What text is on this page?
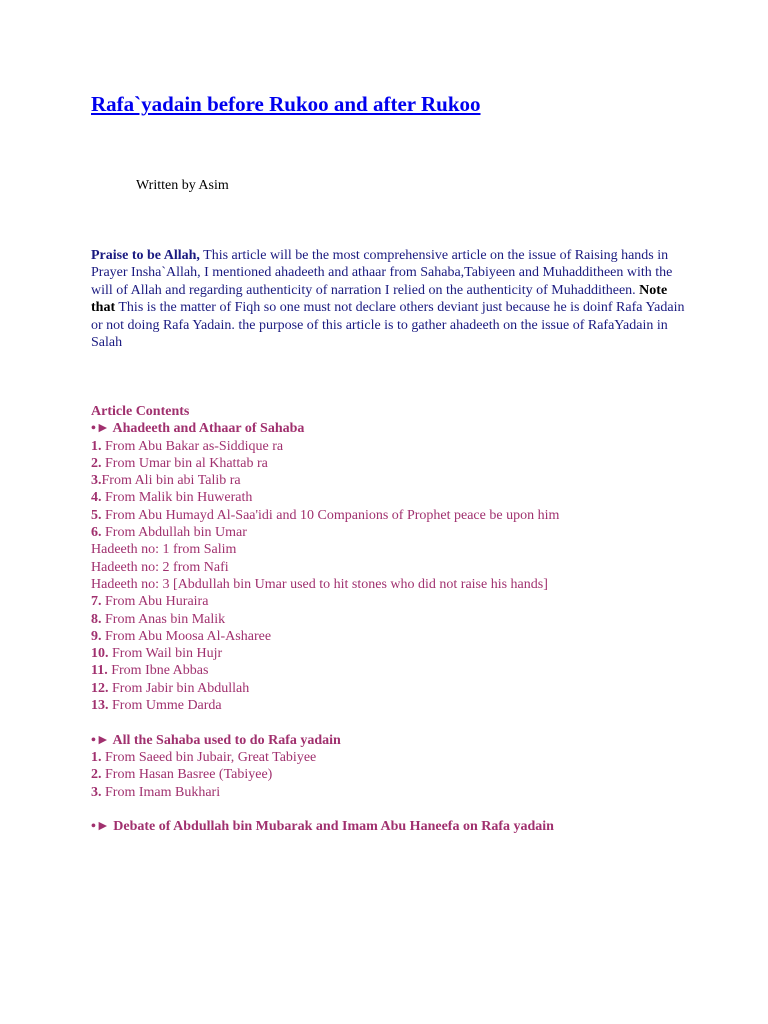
Rafa`yadain before Rukoo and after Rukoo
Written by Asim

Praise to be Allah, This article will be the most comprehensive article on the issue of Raising hands in Prayer Insha`Allah, I mentioned ahadeeth and athaar from Sahaba,Tabiyeen and Muhadditheen with the will of Allah and regarding authenticity of narration I relied on the authenticity of Muhadditheen. Note that This is the matter of Fiqh so one must not declare others deviant just because he is doinf Rafa Yadain or not doing Rafa Yadain. the purpose of this article is to gather ahadeeth on the issue of RafaYadain in Salah

Article Contents
•► Ahadeeth and Athaar of Sahaba
1. From Abu Bakar as-Siddique ra
2. From Umar bin al Khattab ra
3.From Ali bin abi Talib ra
4. From Malik bin Huwerath
5. From Abu Humayd Al-Saa'idi and 10 Companions of Prophet peace be upon him
6. From Abdullah bin Umar
Hadeeth no: 1 from Salim
Hadeeth no: 2 from Nafi
Hadeeth no: 3 [Abdullah bin Umar used to hit stones who did not raise his hands]
7. From Abu Huraira
8. From Anas bin Malik
9. From Abu Moosa Al-Asharee
10. From Wail bin Hujr
11. From Ibne Abbas
12. From Jabir bin Abdullah
13. From Umme Darda
•► All the Sahaba used to do Rafa yadain
1. From Saeed bin Jubair, Great Tabiyee
2. From Hasan Basree (Tabiyee)
3. From Imam Bukhari
•► Debate of Abdullah bin Mubarak and Imam Abu Haneefa on Rafa yadain
